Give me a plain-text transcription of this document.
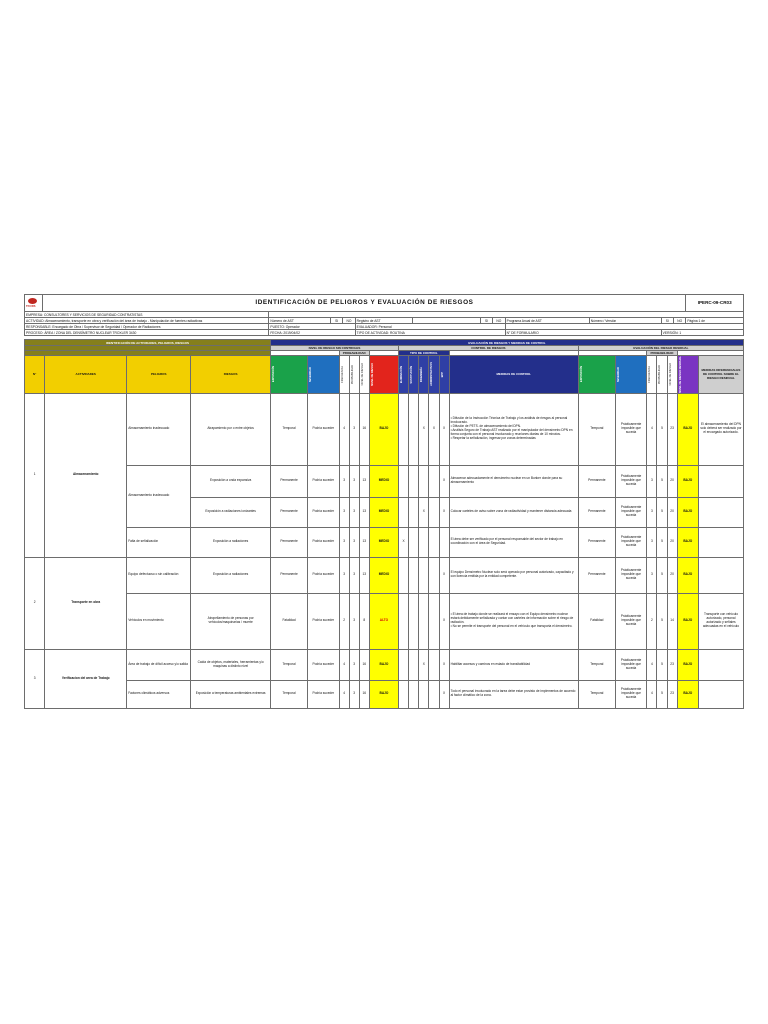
TIVURS	IDENTIFICACIÓN DE PELIGROS Y EVALUACIÓN DE RIESGOS												IPERC-09-CR03
EMPRESA: CONSULTORES Y SERVICIOS DE SEGURIDAD CONTRATISTAS													
ACTIVIDAD: Almacenamiento, transporte en obra y verificación del área de trabajo - Manipulación de fuentes radiactivas		Número de AST	SI	NO	Registro de AST		SI	NO	Programa Anual de AST	Número / Versión	SI	NO	Página 1 de
RESPONSABLE: Encargado de Obra / Supervisor de Seguridad / Operador de Radiaciones		PUESTO: Operador			EVALUADOR: Personal								
PROCESO: ÁREA / ZONA DEL DENSÍMETRO NUCLEAR TROXLER 3430		FECHA: 2019/04/02			TIPO DE ACTIVIDAD: ROUTINA				N° DE FORMULARIO		VERSIÓN: 1		
IDENTIFICACIÓN DE ACTIVIDADES, PELIGROS, RIESGOS				EVALUACIÓN DE RIESGOS Y MEDIDAS DE CONTROL																		
				NIVEL DE RIESGO SIN CONTROLES						CONTROL DE RIESGOS						EVALUACIÓN DEL RIESGO RESIDUAL						
						PROBABILIDAD				TIPO DE CONTROL								PROBABILIDAD				
N°	ACTIVIDADES	PELIGROS	RIESGOS	EXPOSICIÓN	SEVERIDAD	FRECUENCIA	PROBABILIDAD	NIVEL DE RIESGO	NIVEL DE RIESGO	ELIMINACIÓN	SUSTITUCIÓN	INGENIERÍA	ADMINISTRATIVOS	EPP	MEDIDAS DE CONTROL	EXPOSICIÓN	SEVERIDAD	FRECUENCIA	PROBABILIDAD	NIVEL DE RIESGO	NIVEL DE RIESGO RESIDUAL	MEDIDAS DIFERENCIALES DE CONTROL SOBRE EL RIESGO RESIDUAL
1	Almacenamiento	Almacenamiento inadecuado	Atrapamiento por o entre objetos	Temporal	Podría suceder	4	3	16	BAJO			X	X	X	• Difusión de la Instrucción Técnica de Trabajo y los análisis de riesgos al personal involucrado.
• Difusión de PETS. de almacenamiento del DPN.
• Análisis Seguro de Trabajo AST realizado por el manipulador del densímetro DPN en forma conjunta con el personal involucrado y reuniones diarias de 10 minutos.
• Respetar la señalización, ingresar por zonas determinadas	Temporal	Prácticamente imposible que suceda	4	5	23	BAJO	El almacenamiento del DPN solo deberá ser realizado por el encargado autorizado.
		Almacenamiento inadecuado	Exposición a onda expansiva	Permanente	Podría suceder	3	3	13	MEDIO					X	Almacenar adecuadamente el densímetro nuclear en un Bunker donde para su almacenamiento	Permanente	Prácticamente imposible que suceda	3	5	20	BAJO	
			Exposición a radiaciones ionizantes	Permanente	Podría suceder	3	3	13	MEDIO			X		X	Colocar carteles de aviso sobre zona de radiactividad y mantener distancia adecuada	Permanente	Prácticamente imposible que suceda	3	5	20	BAJO	
		Falta de señalización	Exposición a radiaciones	Permanente	Podría suceder	3	3	13	MEDIO	X					El área debe ser verificado por el personal responsable del sector de trabajo en coordinación con el área de Seguridad.	Permanente	Prácticamente imposible que suceda	3	5	20	BAJO	
2	Transporte en obra	Equipo defectuoso o sin calibración	Exposición a radiaciones	Permanente	Podría suceder	3	3	13	MEDIO					X	El equipo Densímetro Nuclear solo será operado por personal autorizado, capacitado y con licencia emitida por la entidad competente.	Permanente	Prácticamente imposible que suceda	3	5	20	BAJO	
		Vehículos en movimiento	Atropellamiento de personas por vehículos/maquinarias / muerte	Fatalidad	Podría suceder	2	3	8	ALTO					X	• El área de trabajo donde se realizará el ensayo con el Equipo densímetro nuclear estará debidamente señalizada y contar con carteles de información sobre el riesgo de radiación.
• No se permite el transporte del personal en el vehículo que transporta el densímetro.	Fatalidad	Prácticamente imposible que suceda	2	5	14	BAJO	Transporte con vehículo autorizado, personal autorizado y señales adecuadas en el vehículo
3	Verificacion del area de Trabajo	Área de trabajo de difícil acceso y/o salida	Caída de objetos, materiales, herramientas y/o maquinas a distinto nivel	Temporal	Podría suceder	4	3	16	BAJO			X		X	Habilitar accesos y caminos en estado de transitabilidad	Temporal	Prácticamente imposible que suceda	4	5	23	BAJO	
		Factores climáticos adversos	Exposición a temperaturas ambientales extremas	Temporal	Podría suceder	4	3	16	BAJO					X	Todo el personal involucrado en la tarea debe estar provisto de implementos de acuerdo al factor climático de la zona.	Temporal	Prácticamente imposible que suceda	4	5	23	BAJO	
